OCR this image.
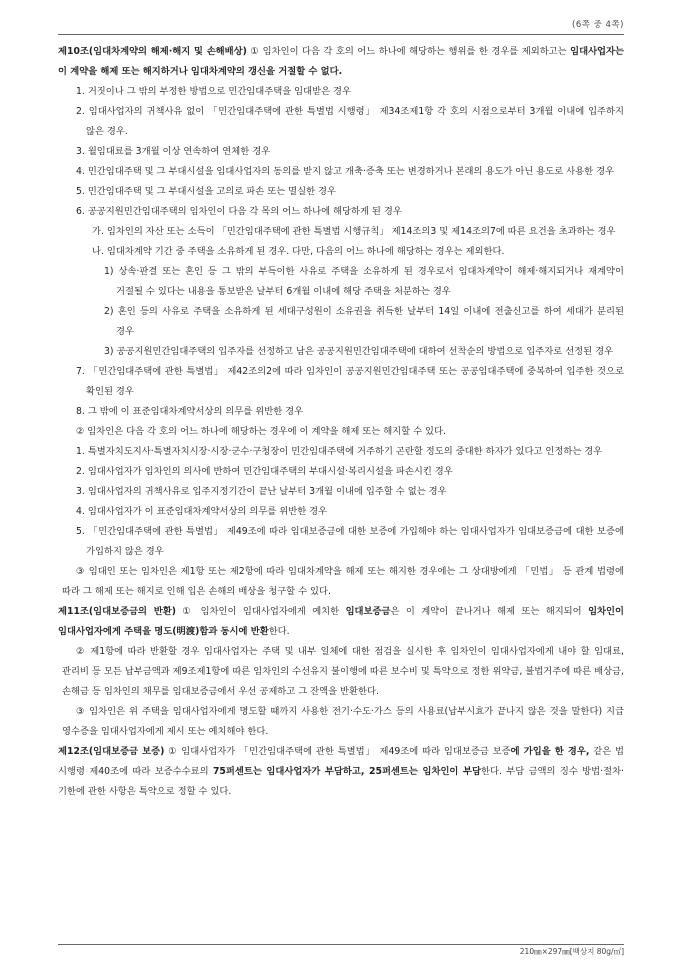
(6쪽 중 4쪽)
제10조(임대차계약의 해제·해지 및 손해배상) ① 임차인이 다음 각 호의 어느 하나에 해당하는 행위를 한 경우를 제외하고는 임대사업자는 이 계약을 해제 또는 해지하거나 임대차계약의 갱신을 거절할 수 없다.
1. 거짓이나 그 밖의 부정한 방법으로 민간임대주택을 임대받은 경우
2. 임대사업자의 귀책사유 없이 「민간임대주택에 관한 특별법 시행령」 제34조제1항 각 호의 시점으로부터 3개월 이내에 입주하지 않은 경우.
3. 월임대료를 3개월 이상 연속하여 연체한 경우
4. 민간임대주택 및 그 부대시설을 임대사업자의 동의를 받지 않고 개축·증축 또는 변경하거나 본래의 용도가 아닌 용도로 사용한 경우
5. 민간임대주택 및 그 부대시설을 고의로 파손 또는 멸실한 경우
6. 공공지원민간임대주택의 임차인이 다음 각 목의 어느 하나에 해당하게 된 경우
가. 임차인의 자산 또는 소득이 「민간임대주택에 관한 특별법 시행규칙」 제14조의3 및 제14조의7에 따른 요건을 초과하는 경우
나. 임대차계약 기간 중 주택을 소유하게 된 경우. 다만, 다음의 어느 하나에 해당하는 경우는 제외한다.
1) 상속·판결 또는 혼인 등 그 밖의 부득이한 사유로 주택을 소유하게 된 경우로서 임대차계약이 해제·해지되거나 재계약이 거절될 수 있다는 내용을 통보받은 날부터 6개월 이내에 해당 주택을 처분하는 경우
2) 혼인 등의 사유로 주택을 소유하게 된 세대구성원이 소유권을 취득한 날부터 14일 이내에 전출신고를 하여 세대가 분리된 경우
3) 공공지원민간임대주택의 입주자를 선정하고 남은 공공지원민간임대주택에 대하여 선착순의 방법으로 입주자로 선정된 경우
7. 「민간임대주택에 관한 특별법」 제42조의2에 따라 임차인이 공공지원민간임대주택 또는 공공임대주택에 중복하여 입주한 것으로 확인된 경우
8. 그 밖에 이 표준임대차계약서상의 의무를 위반한 경우
② 임차인은 다음 각 호의 어느 하나에 해당하는 경우에 이 계약을 해제 또는 해지할 수 있다.
1. 특별자치도지사·특별자치시장·시장·군수·구청장이 민간임대주택에 거주하기 곤란할 정도의 중대한 하자가 있다고 인정하는 경우
2. 임대사업자가 임차인의 의사에 반하여 민간임대주택의 부대시설·복리시설을 파손시킨 경우
3. 임대사업자의 귀책사유로 입주지정기간이 끝난 날부터 3개월 이내에 입주할 수 없는 경우
4. 임대사업자가 이 표준임대차계약서상의 의무를 위반한 경우
5. 「민간임대주택에 관한 특별법」 제49조에 따라 임대보증금에 대한 보증에 가입해야 하는 임대사업자가 임대보증금에 대한 보증에 가입하지 않은 경우
③ 임대인 또는 임차인은 제1항 또는 제2항에 따라 임대차계약을 해제 또는 해지한 경우에는 그 상대방에게 「민법」 등 관계 법령에 따라 그 해제 또는 해지로 인해 입은 손해의 배상을 청구할 수 있다.
제11조(임대보증금의 반환) ① 임차인이 임대사업자에게 예치한 임대보증금은 이 계약이 끝나거나 해제 또는 해지되어 임차인이 임대사업자에게 주택을 명도(明渡)함과 동시에 반환한다.
② 제1항에 따라 반환할 경우 임대사업자는 주택 및 내부 일체에 대한 점검을 실시한 후 임차인이 임대사업자에게 내야 할 임대료, 관리비 등 모든 납부금액과 제9조제1항에 따른 임차인의 수선유지 불이행에 따른 보수비 및 특약으로 정한 위약금, 불법거주에 따른 배상금, 손해금 등 임차인의 채무를 임대보증금에서 우선 공제하고 그 잔액을 반환한다.
③ 임차인은 위 주택을 임대사업자에게 명도할 때까지 사용한 전기·수도·가스 등의 사용료(납부시효가 끝나지 않은 것을 말한다) 지급 영수증을 임대사업자에게 제시 또는 예치해야 한다.
제12조(임대보증금 보증) ① 임대사업자가 「민간임대주택에 관한 특별법」 제49조에 따라 임대보증금 보증에 가입을 한 경우, 같은 법 시행령 제40조에 따라 보증수수료의 75퍼센트는 임대사업자가 부담하고, 25퍼센트는 임차인이 부담한다. 부담 금액의 징수 방법·절차·기한에 관한 사항은 특약으로 정할 수 있다.
210㎜×297㎜[백상지 80g/㎡]
